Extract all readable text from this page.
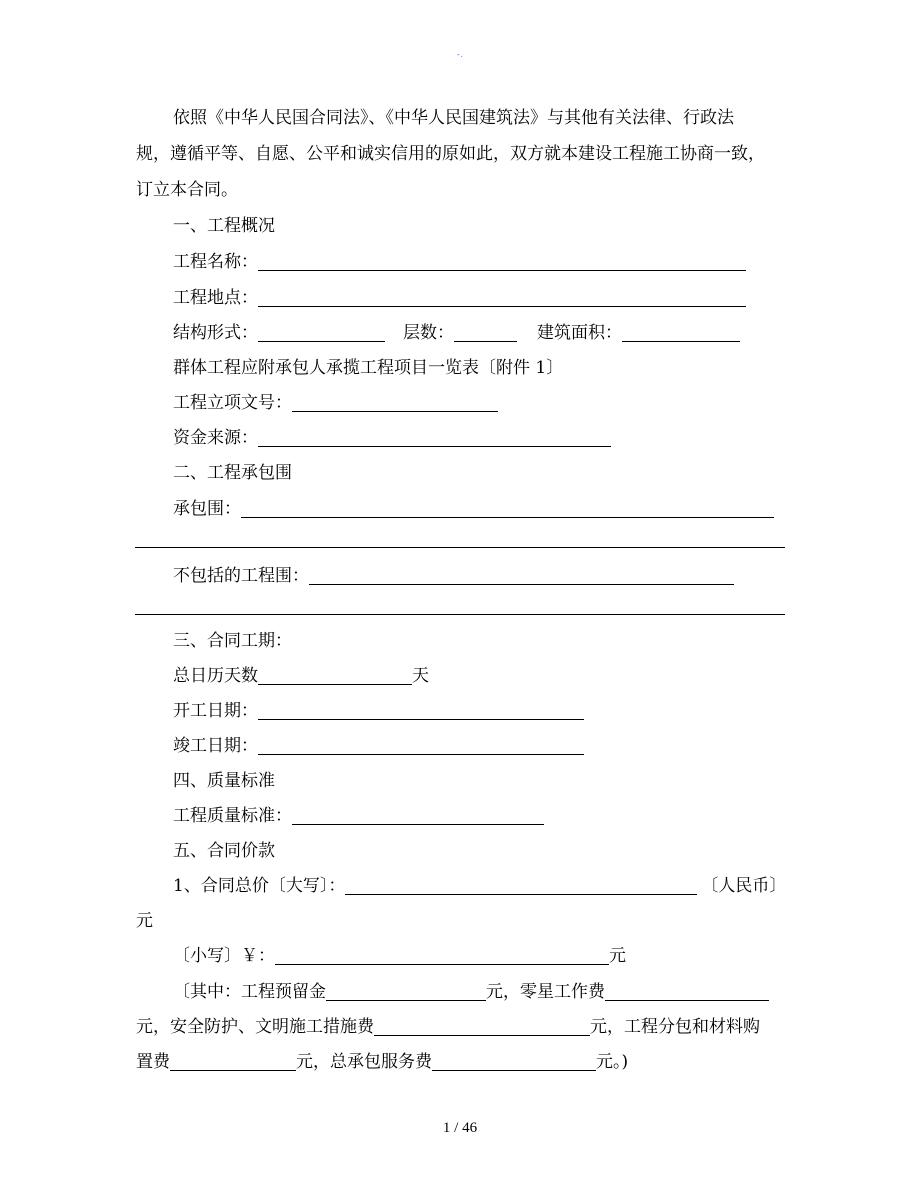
-.
依照《中华人民国合同法》、《中华人民国建筑法》与其他有关法律、行政法
规，遵循平等、自愿、公平和诚实信用的原如此，双方就本建设工程施工协商一致，
订立本合同。
一、工程概况
工程名称：
工程地点：
结构形式：	层数：	建筑面积：
群体工程应附承包人承揽工程项目一览表〔附件 1〕
工程立项文号：
资金来源：
二、工程承包围
承包围：
不包括的工程围：
三、合同工期：
总日历天数	天
开工日期：
竣工日期：
四、质量标准
工程质量标准：
五、合同价款
1、合同总价〔大写〕：	〔人民币〕
元
〔小写〕￥：	元
〔其中：工程预留金	元，零星工作费
元，安全防护、文明施工措施费	元，工程分包和材料购
置费	元，总承包服务费	元。)
1 / 46
